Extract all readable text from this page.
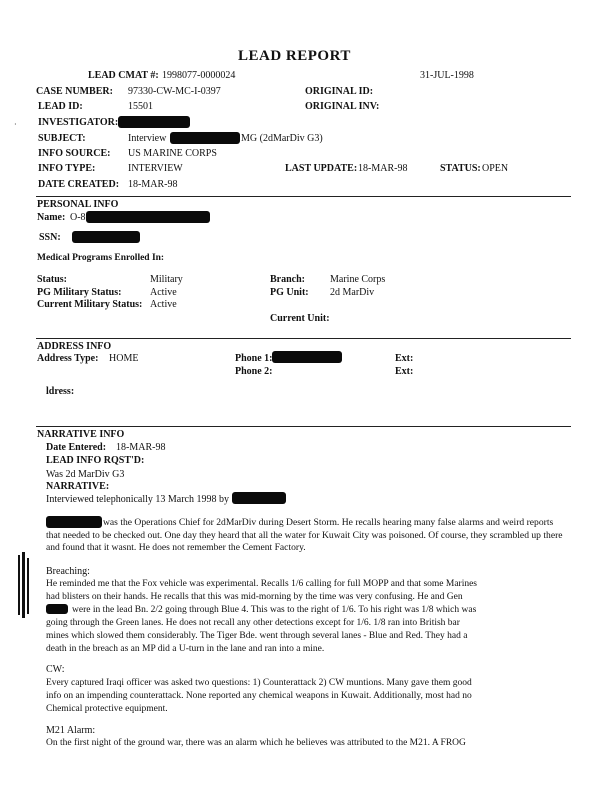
LEAD REPORT
LEAD CMAT #: 1998077-0000024	31-JUL-1998
CASE NUMBER: 97330-CW-MC-I-0397	ORIGINAL ID:
LEAD ID:	15501	ORIGINAL INV:
INVESTIGATOR:
·
SUBJECT:	Interview	MG (2dMarDiv G3)
INFO SOURCE: US MARINE CORPS
INFO TYPE:	INTERVIEW	LAST UPDATE: 18-MAR-98	STATUS: OPEN
DATE CREATED: 18-MAR-98
PERSONAL INFO
Name: O-8
SSN:
Medical Programs Enrolled In:
Status:	Military	Branch:	Marine Corps
PG Military Status:	Active	PG Unit: 2d MarDiv
Current Military Status: Active
Current Unit:
ADDRESS INFO
Address Type: HOME	Phone 1:	Ext:
Phone 2:	Ext:
ldress:
NARRATIVE INFO
Date Entered: 18-MAR-98
LEAD INFO RQST'D:
Was 2d MarDiv G3
NARRATIVE:
Interviewed telephonically 13 March 1998 by
was the Operations Chief for 2dMarDiv during Desert Storm. He recalls hearing many false alarms and weird reports that needed to be checked out. One day they heard that all the water for Kuwait City was poisoned. Of course, they scrambled up there and found that it wasnt. He does not remember the Cement Factory.
Breaching:
He reminded me that the Fox vehicle was experimental. Recalls 1/6 calling for full MOPP and that some Marines
had blisters on their hands. He recalls that this was mid-morning by the time was very confusing. He and Gen
were in the lead Bn. 2/2 going through Blue 4. This was to the right of 1/6. To his right was 1/8 which was
going through the Green lanes. He does not recall any other detections except for 1/6. 1/8 ran into British bar
mines which slowed them considerably. The Tiger Bde. went through several lanes - Blue and Red. They had a
death in the breach as an MP did a U-turn in the lane and ran into a mine.
CW:
Every captured Iraqi officer was asked two questions: 1) Counterattack 2) CW muntions. Many gave them good
info on an impending counterattack. None reported any chemical weapons in Kuwait. Additionally, most had no
Chemical protective equipment.
M21 Alarm:
On the first night of the ground war, there was an alarm which he believes was attributed to the M21. A FROG
